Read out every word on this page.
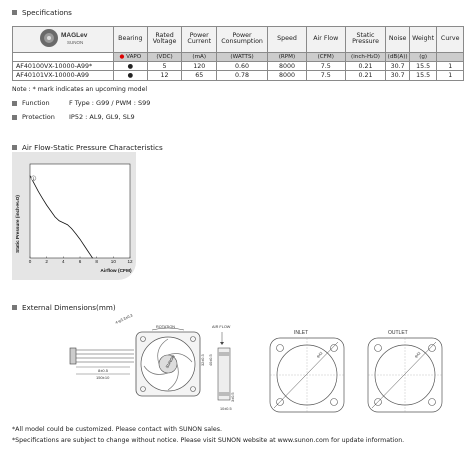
Specifications
MAGLev
SUNON	Bearing	Rated Voltage	Power Current	Power Consumption	Speed	Air Flow	Static Pressure	Noise	Weight	Curve
	● VAPO	(VDC)	(mA)	(WATTS)	(RPM)	(CFM)	(inch-H₂O)	(dB(A))	(g)	
AF40100VX-10000-A99*	●	5	120	0.60	8000	7.5	0.21	30.7	15.5	1
AF40101VX-10000-A99	●	12	65	0.78	8000	7.5	0.21	30.7	15.5	1
Note : * mark indicates an upcoming model
Function	F Type : G99 / PWM : S99
Protection	IP52 : AL9, GL9, SL9
Air Flow-Static Pressure Characteristics
Static Pressure (inch-H₂O)
Airflow (CFM)
0	2	4	6	8	10	12
1
External Dimensions(mm)
8±0.5
150±10
SUNON
4-φ3.3±0.3
ROTATION
32±0.3 40±0.5
AIR FLOW
10±0.5
3±0.5
INLET
φ42
OUTLET
φ42
*All model could be customized. Please contact with SUNON sales.
*Specifications are subject to change without notice. Please visit SUNON website at www.sunon.com for update information.
